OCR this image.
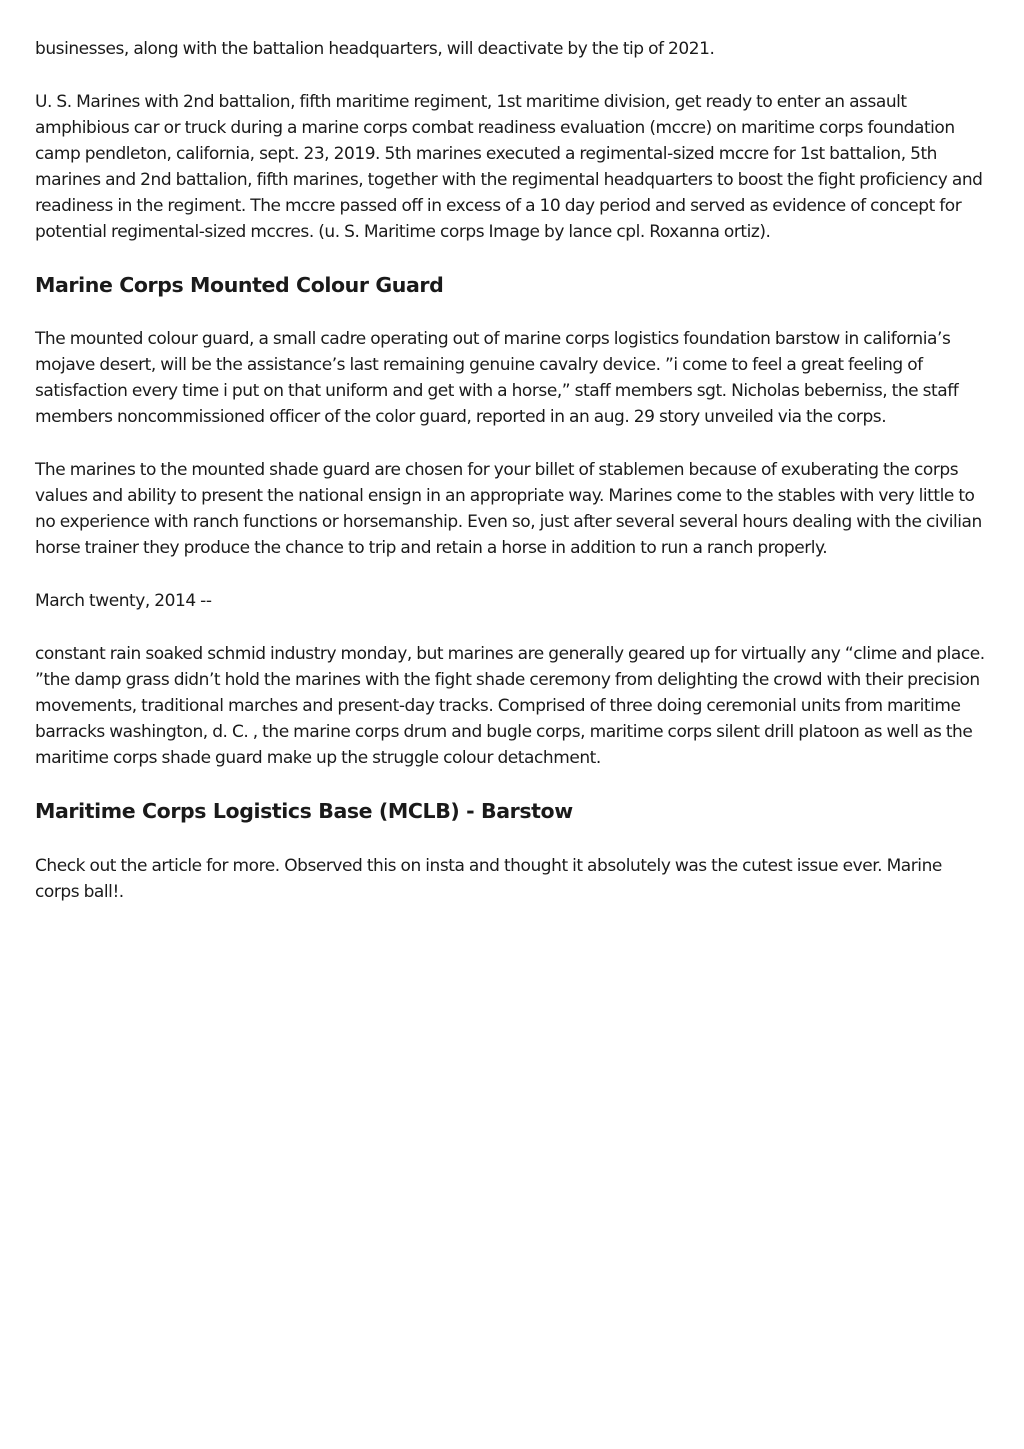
businesses, along with the battalion headquarters, will deactivate by the tip of 2021.

U. S. Marines with 2nd battalion, fifth maritime regiment, 1st maritime division, get ready to enter an assault amphibious car or truck during a marine corps combat readiness evaluation (mccre) on maritime corps foundation camp pendleton, california, sept. 23, 2019. 5th marines executed a regimental-sized mccre for 1st battalion, 5th marines and 2nd battalion, fifth marines, together with the regimental headquarters to boost the fight proficiency and readiness in the regiment. The mccre passed off in excess of a 10 day period and served as evidence of concept for potential regimental-sized mccres. (u. S. Maritime corps Image by lance cpl. Roxanna ortiz).

Marine Corps Mounted Colour Guard

The mounted colour guard, a small cadre operating out of marine corps logistics foundation barstow in california’s mojave desert, will be the assistance’s last remaining genuine cavalry device. ”i come to feel a great feeling of satisfaction every time i put on that uniform and get with a horse,” staff members sgt. Nicholas beberniss, the staff members noncommissioned officer of the color guard, reported in an aug. 29 story unveiled via the corps.

The marines to the mounted shade guard are chosen for your billet of stablemen because of exuberating the corps values and ability to present the national ensign in an appropriate way. Marines come to the stables with very little to no experience with ranch functions or horsemanship. Even so, just after several several hours dealing with the civilian horse trainer they produce the chance to trip and retain a horse in addition to run a ranch properly.

March twenty, 2014 --

constant rain soaked schmid industry monday, but marines are generally geared up for virtually any “clime and place. ”the damp grass didn’t hold the marines with the fight shade ceremony from delighting the crowd with their precision movements, traditional marches and present-day tracks. Comprised of three doing ceremonial units from maritime barracks washington, d. C. , the marine corps drum and bugle corps, maritime corps silent drill platoon as well as the maritime corps shade guard make up the struggle colour detachment.

Maritime Corps Logistics Base (MCLB) - Barstow

Check out the article for more. Observed this on insta and thought it absolutely was the cutest issue ever. Marine corps ball!.
